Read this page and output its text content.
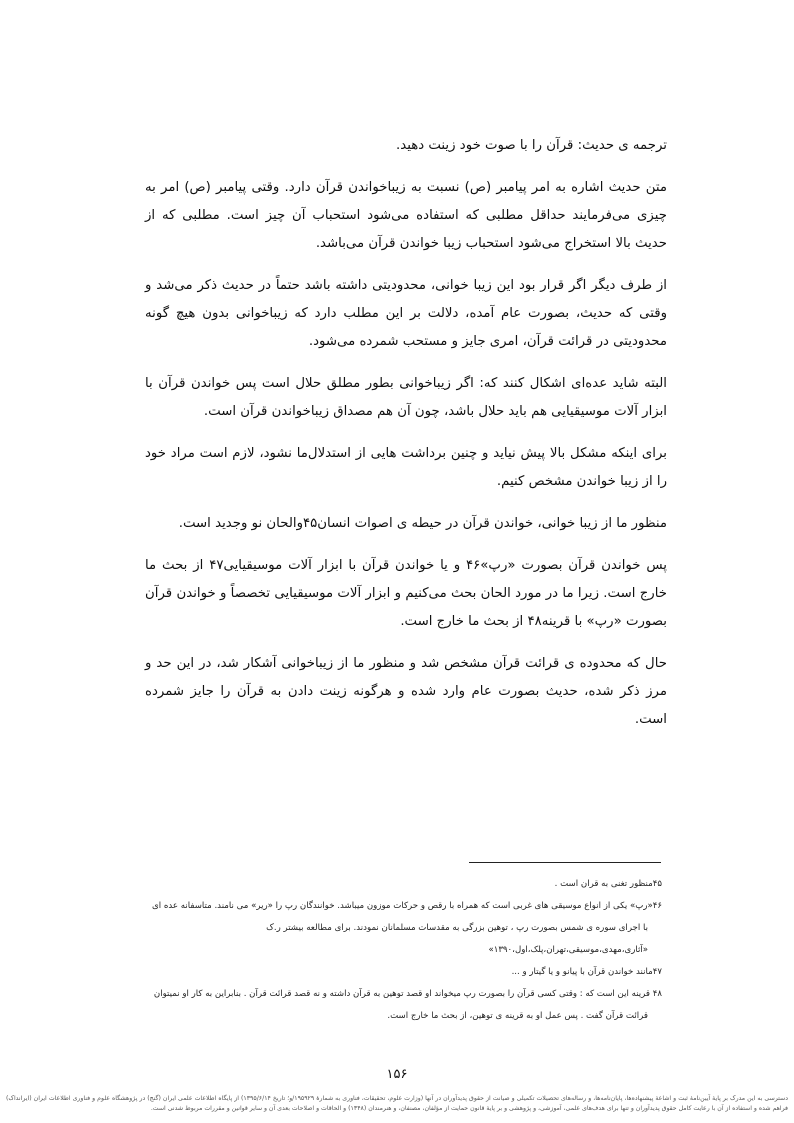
ترجمه ی حدیث: قرآن را با صوت خود زینت دهید.

متن حدیث اشاره به امر پیامبر (ص) نسبت به زیباخواندن قرآن دارد. وقتی پیامبر (ص) امر به چیزی می‌فرمایند حداقل مطلبی که استفاده می‌شود استحباب آن چیز است. مطلبی که از حدیث بالا استخراج می‌شود استحباب زیبا خواندن قرآن می‌باشد.

از طرف دیگر اگر قرار بود این زیبا خوانی، محدودیتی داشته باشد حتماً در حدیث ذکر می‌شد و وقتی که حدیث، بصورت عام آمده، دلالت بر این مطلب دارد که زیباخوانی بدون هیچ گونه محدودیتی در قرائت قرآن، امری جایز و مستحب شمرده می‌شود.

البته شاید عده‌ای اشکال کنند که: اگر زیباخوانی بطور مطلق حلال است پس خواندن قرآن با ابزار آلات موسیقیایی هم باید حلال باشد، چون آن هم مصداق زیباخواندن قرآن است.

برای اینکه مشکل بالا پیش نیاید و چنین برداشت هایی از استدلال‌ما نشود، لازم است مراد خود را از زیبا خواندن مشخص کنیم.

منظور ما از زیبا خوانی، خواندن قرآن در حیطه ی اصوات انسان‌۴۵‌و‌الحان نو وجدید است.

پس خواندن قرآن بصورت «رپ»۴۶ و یا خواندن قرآن با ابزار آلات موسیقیایی۴۷ از بحث ما خارج است. زیرا ما در مورد الحان بحث می‌کنیم و ابزار آلات موسیقیایی تخصصاً و خواندن قرآن بصورت «رپ» با قرینه۴۸ از بحث ما خارج است.

حال که محدوده ی قرائت قرآن مشخص شد و منظور ما از زیباخوانی آشکار شد، در این حد و مرز ذکر شده، حدیث بصورت عام وارد شده و هرگونه زینت دادن به قرآن را جایز شمرده است.

۴۵منظور تغنی به قران است .

۴۶«رپ» یکی از انواع موسیقی های غربی است که همراه با رقص و حرکات موزون میباشد. خوانندگان رپ را «ریر» می نامند. متاسفانه عده ای

با اجرای سوره ی شمس بصورت رپ ، توهین بزرگی به مقدسات مسلمانان نمودند. برای مطالعه بیشتر ر.ک

«آثاری،مهدی،موسیقی،تهران،پلک،اول،۱۳۹۰»

۴۷مانند خواندن قرآن با پیانو و یا گیتار و ...

۴۸ قرینه این است که : وقتی کسی قرآن را بصورت رپ میخواند او قصد توهین به قرآن داشته و نه قصد قرائت قرآن . بنابراین به کار او نمیتوان

قرائت قرآن گفت . پس عمل او به قرینه ی توهین، از بحث ما خارج است.

۱۵۶
دسترسی به این مدرک بر پایهٔ آیین‌نامهٔ ثبت و اشاعهٔ پیشنهاده‌ها، پایان‌نامه‌ها، و رساله‌های تحصیلات تکمیلی و صیانت از حقوق پدیدآوران در آنها (وزارت علوم، تحقیقات، فناوری به شمارهٔ ۱۹۵۹۲۹/و؛ تاریخ ۱۳۹۵/۶/۱۴) از پایگاه اطلاعات علمی ایران (گنج) در پژوهشگاه علوم و فناوری اطلاعات ایران (ایرانداک) فراهم شده و استفاده از آن با رعایت کامل حقوق پدیدآوران و تنها برای هدف‌های علمی، آموزشی، و پژوهشی و بر پایهٔ قانون حمایت از مؤلفان، مصنفان، و هنرمندان (۱۳۴۸) و الحاقات و اصلاحات بعدی آن و سایر قوانین و مقررات مربوط شدنی است.
